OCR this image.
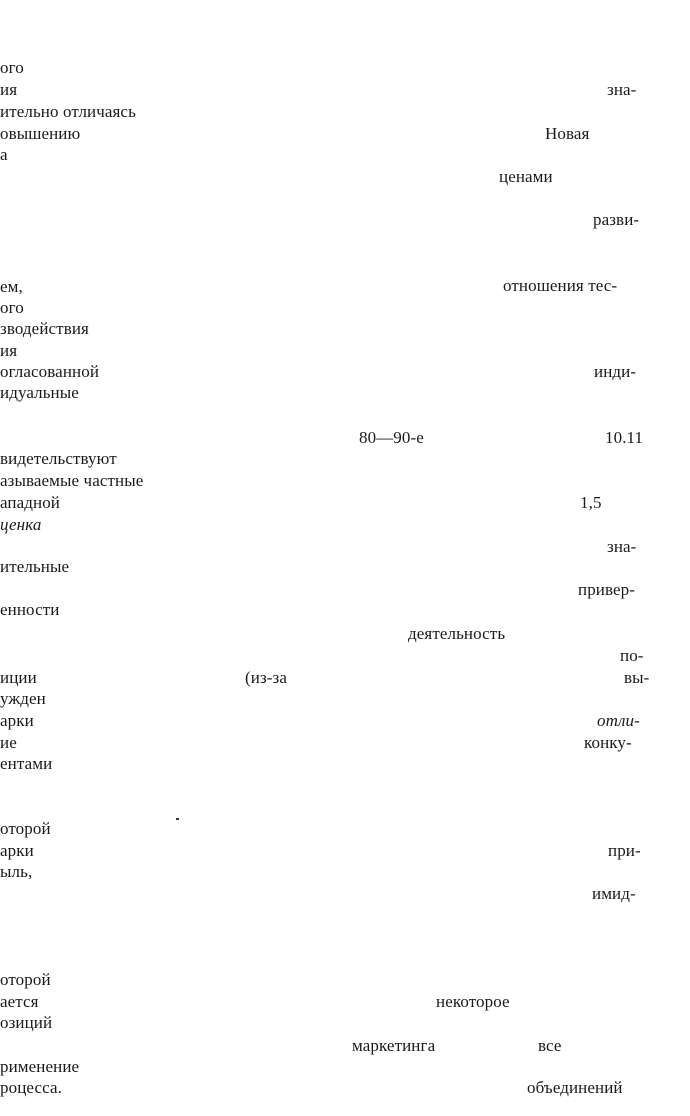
ого
ия
ительно отличаясь
овышению
а
ем,
ого
зводействия
ия
огласованной
идуальные
видетельствуют
азываемые частные
ападной
ценка
ительные
енности
иции
ужден
арки
ие
ентами
оторой
арки
ыль,
оторой
ается
озиций
рименение
роцесса.
Новая
ценами
отношения тес-
80—90-е
1,5
деятельность
(из-за
некоторое
маркетинга	все
зна-
разви-
инди-
10.11
зна-
привер-
по-
вы-
отли-
конку-
при-
имид-
объединений
